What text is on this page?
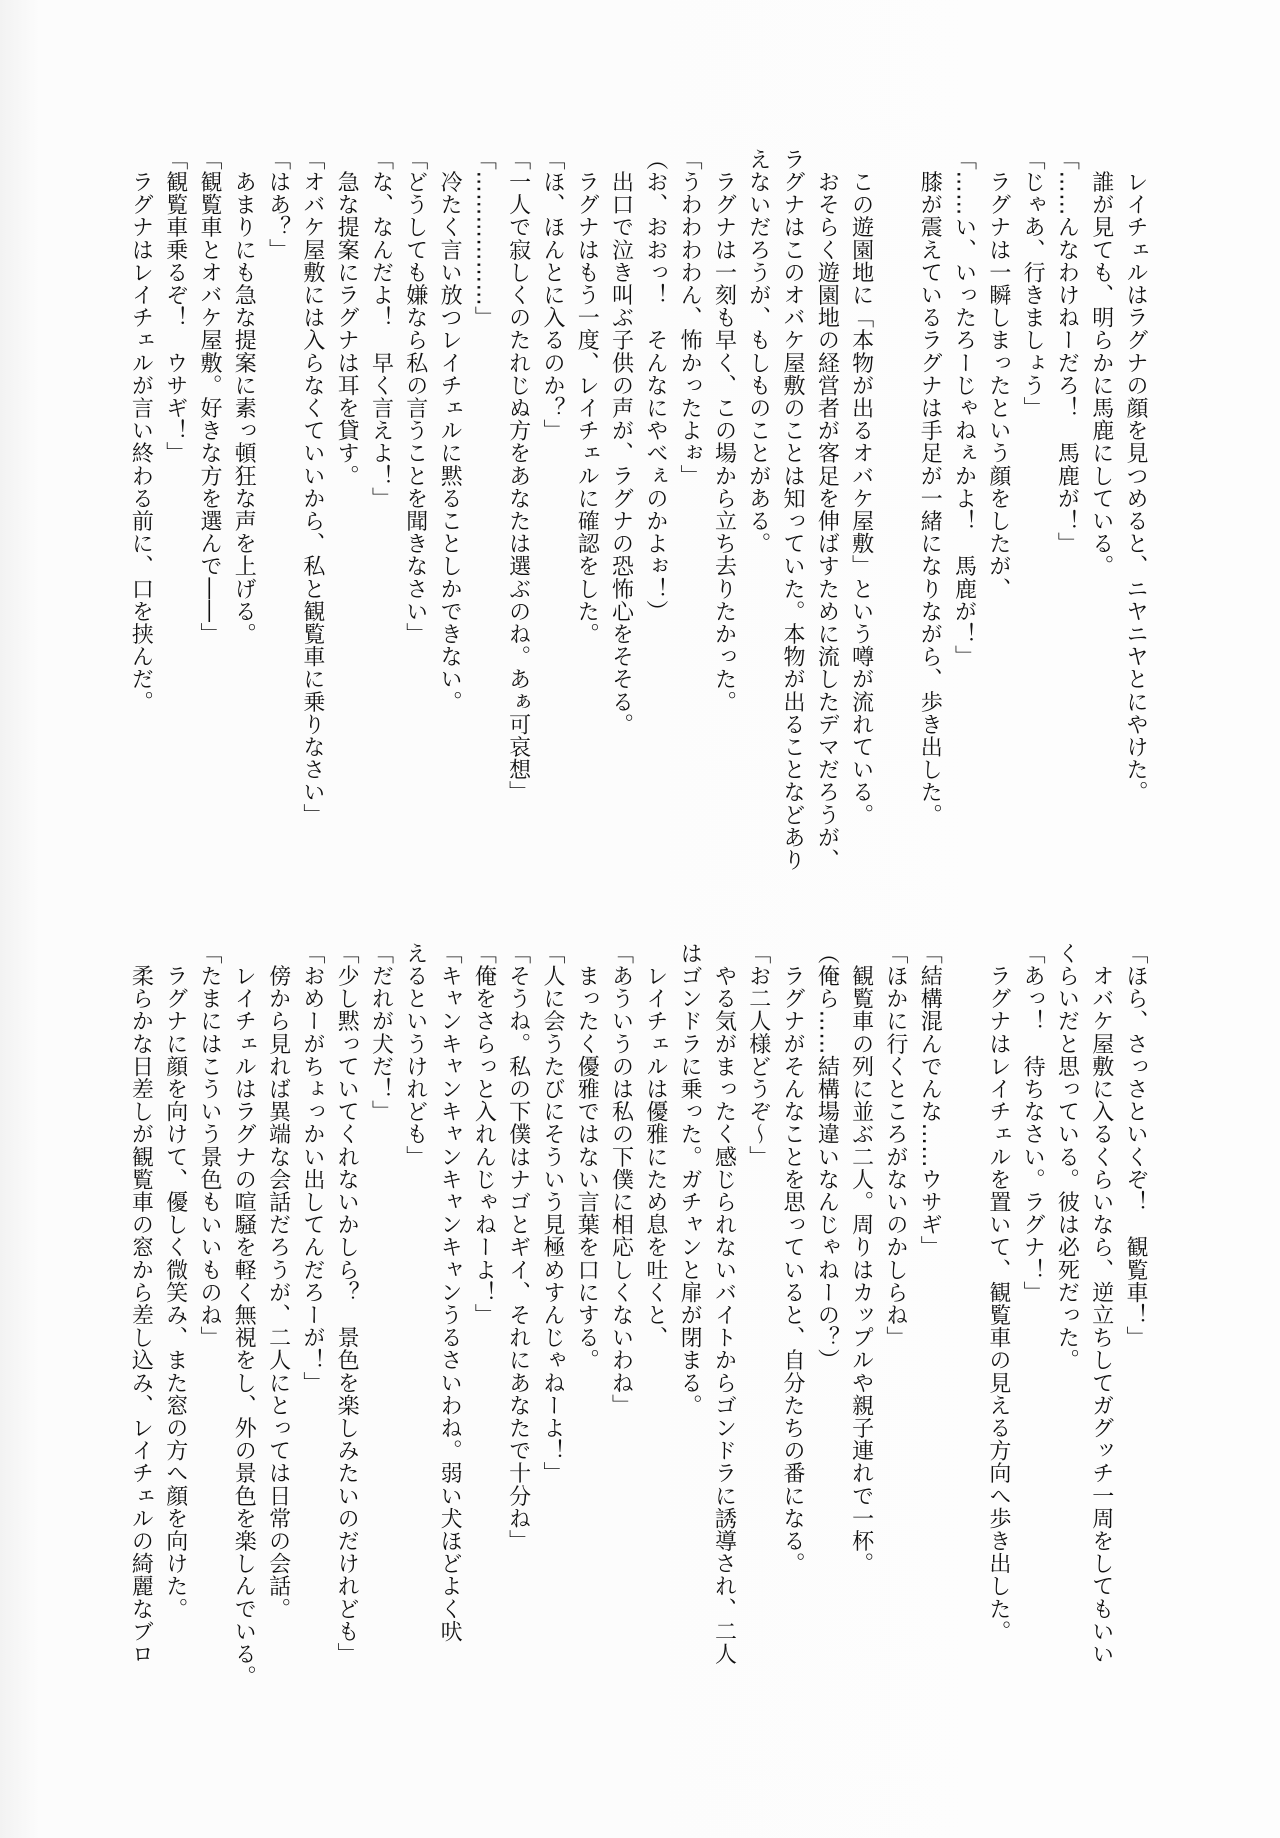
　レイチェルはラグナの顔を見つめると、ニヤニヤとにやけた。
　誰が見ても、明らかに馬鹿にしている。
「……んなわけねーだろ！　馬鹿が！」
「じゃあ、行きましょう」
　ラグナは一瞬しまったという顔をしたが、
「……い、いったろーじゃねぇかよ！　馬鹿が！」
　膝が震えているラグナは手足が一緒になりながら、歩き出した。
　この遊園地に「本物が出るオバケ屋敷」という噂が流れている。
　おそらく遊園地の経営者が客足を伸ばすために流したデマだろうが、
ラグナはこのオバケ屋敷のことは知っていた。本物が出ることなどあり
えないだろうが、もしものことがある。
　ラグナは一刻も早く、この場から立ち去りたかった。
「うわわわわん、怖かったよぉ」
（お、おおっ！　そんなにやべぇのかよぉ！）
　出口で泣き叫ぶ子供の声が、ラグナの恐怖心をそそる。
　ラグナはもう一度、レイチェルに確認をした。
「ほ、ほんとに入るのか？」
「一人で寂しくのたれじぬ方をあなたは選ぶのね。あぁ可哀想」
「………………」
　冷たく言い放つレイチェルに黙ることしかできない。
「どうしても嫌なら私の言うことを聞きなさい」
「な、なんだよ！　早く言えよ！」
　急な提案にラグナは耳を貸す。
「オバケ屋敷には入らなくていいから、私と観覧車に乗りなさい」
「はあ？」
　あまりにも急な提案に素っ頓狂な声を上げる。
「観覧車とオバケ屋敷。好きな方を選んで――」
「観覧車乗るぞ！　ウサギ！」
　ラグナはレイチェルが言い終わる前に、口を挟んだ。
「ほら、さっさといくぞ！　観覧車！」
　オバケ屋敷に入るくらいなら、逆立ちしてガグッチ一周をしてもいい
くらいだと思っている。彼は必死だった。
「あっ！　待ちなさい。ラグナ！」
　ラグナはレイチェルを置いて、観覧車の見える方向へ歩き出した。
「結構混んでんな……ウサギ」
「ほかに行くところがないのかしらね」
　観覧車の列に並ぶ二人。周りはカップルや親子連れで一杯。
（俺ら……結構場違いなんじゃねーの？）
　ラグナがそんなことを思っていると、自分たちの番になる。
「お二人様どうぞ～」
　やる気がまったく感じられないバイトからゴンドラに誘導され、二人
はゴンドラに乗った。ガチャンと扉が閉まる。
　レイチェルは優雅にため息を吐くと、
「あういうのは私の下僕に相応しくないわね」
　まったく優雅ではない言葉を口にする。
「人に会うたびにそういう見極めすんじゃねーよ！」
「そうね。私の下僕はナゴとギイ、それにあなたで十分ね」
「俺をさらっと入れんじゃねーよ！」
「キャンキャンキャンキャンキャンうるさいわね。弱い犬ほどよく吠
えるというけれども」
「だれが犬だ！」
「少し黙っていてくれないかしら？　景色を楽しみたいのだけれども」
「おめーがちょっかい出してんだろーが！」
　傍から見れば異端な会話だろうが、二人にとっては日常の会話。
　レイチェルはラグナの喧騒を軽く無視をし、外の景色を楽しんでいる。
「たまにはこういう景色もいいものね」
　ラグナに顔を向けて、優しく微笑み、また窓の方へ顔を向けた。
　柔らかな日差しが観覧車の窓から差し込み、レイチェルの綺麗なブロ
